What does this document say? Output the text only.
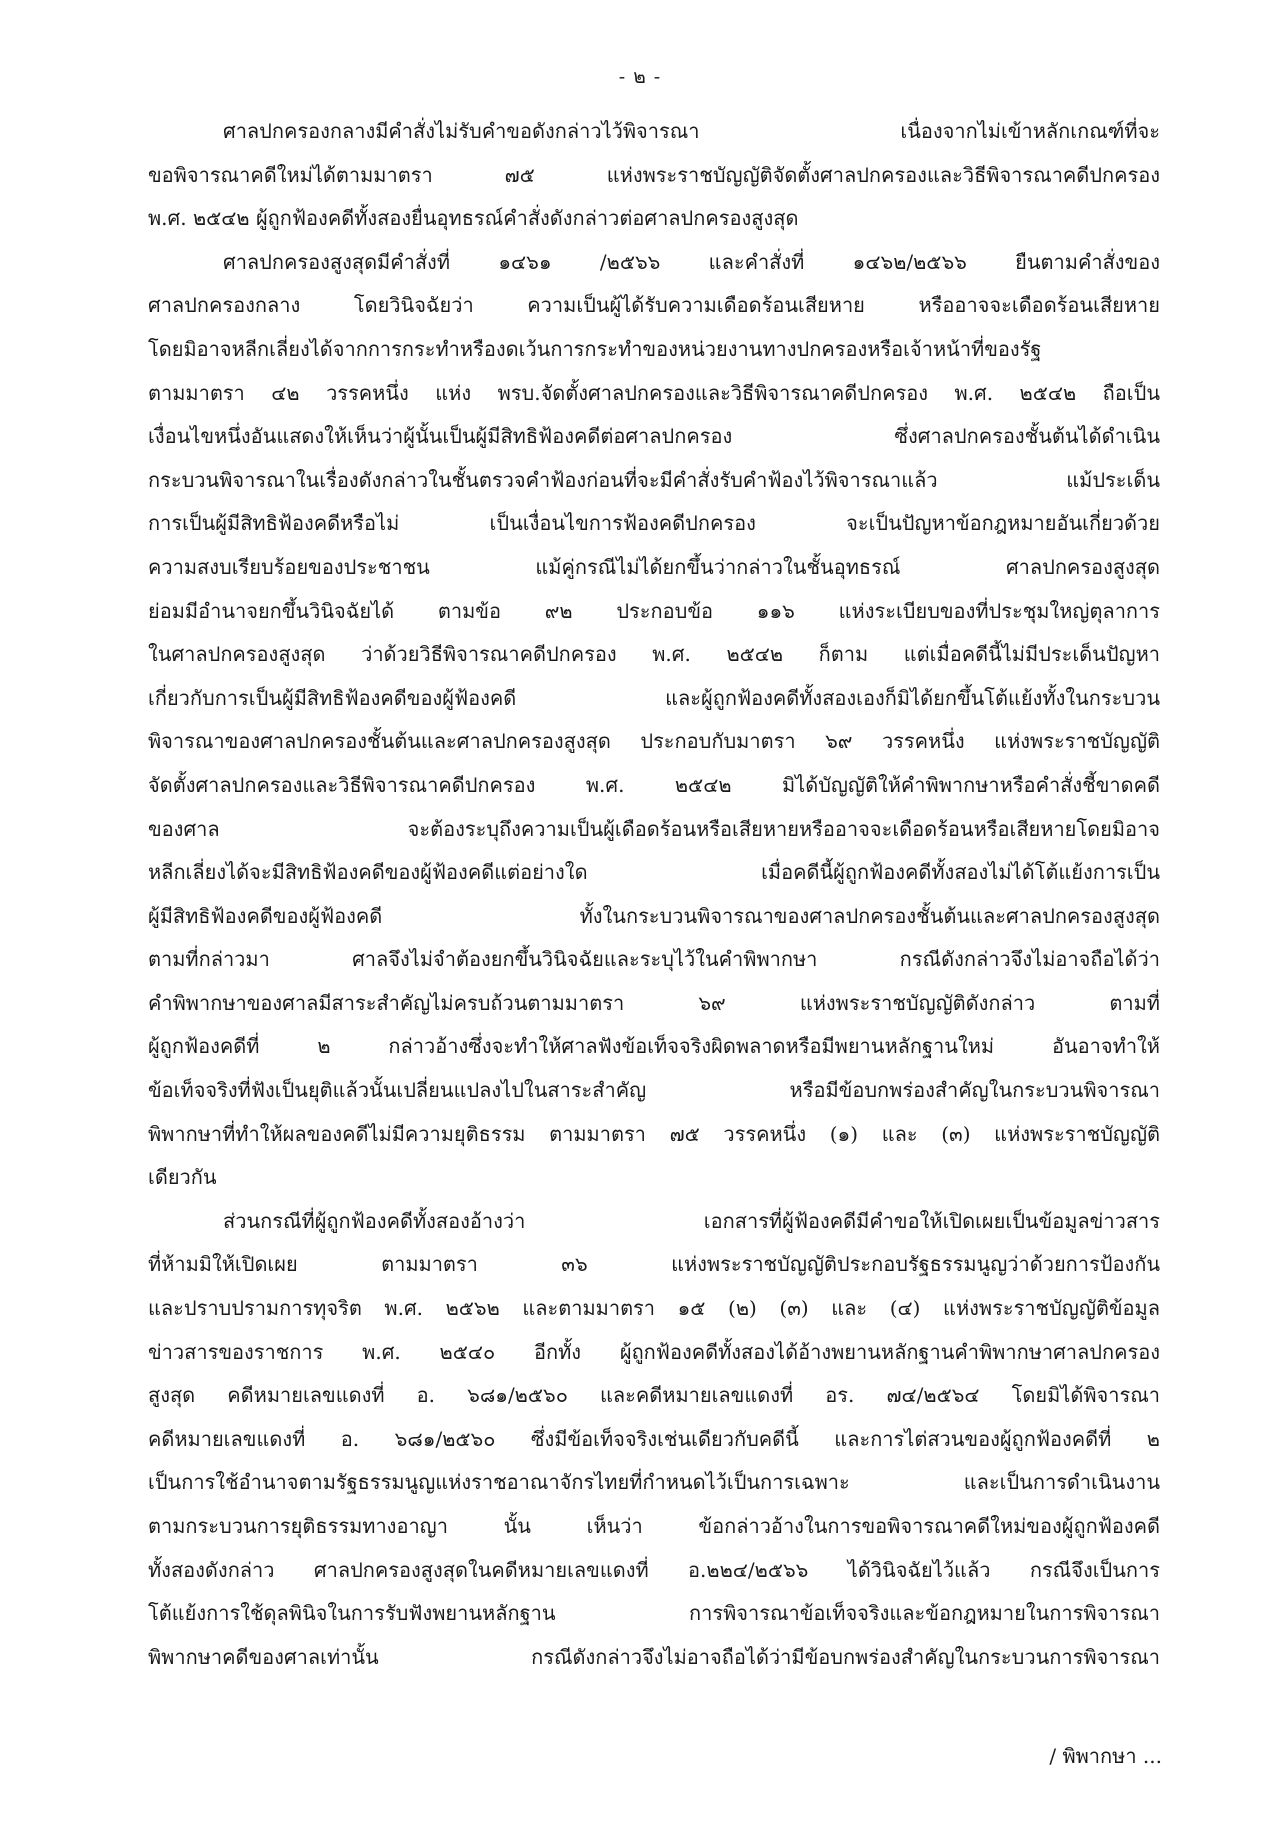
- ๒ -
ศาลปกครองกลางมีคำสั่งไม่รับคำขอดังกล่าวไว้พิจารณา เนื่องจากไม่เข้าหลักเกณฑ์ที่จะ
ขอพิจารณาคดีใหม่ได้ตามมาตรา ๗๕ แห่งพระราชบัญญัติจัดตั้งศาลปกครองและวิธีพิจารณาคดีปกครอง
พ.ศ. ๒๕๔๒ ผู้ถูกฟ้องคดีทั้งสองยื่นอุทธรณ์คำสั่งดังกล่าวต่อศาลปกครองสูงสุด
ศาลปกครองสูงสุดมีคำสั่งที่ ๑๔๖๑ /๒๕๖๖ และคำสั่งที่ ๑๔๖๒/๒๕๖๖ ยืนตามคำสั่งของ
ศาลปกครองกลาง โดยวินิจฉัยว่า ความเป็นผู้ได้รับความเดือดร้อนเสียหาย หรืออาจจะเดือดร้อนเสียหาย
โดยมิอาจหลีกเลี่ยงได้จากการกระทำหรืองดเว้นการกระทำของหน่วยงานทางปกครองหรือเจ้าหน้าที่ของรัฐ
ตามมาตรา ๔๒ วรรคหนึ่ง แห่ง พรบ.จัดตั้งศาลปกครองและวิธีพิจารณาคดีปกครอง พ.ศ. ๒๕๔๒ ถือเป็น
เงื่อนไขหนึ่งอันแสดงให้เห็นว่าผู้นั้นเป็นผู้มีสิทธิฟ้องคดีต่อศาลปกครอง ซึ่งศาลปกครองชั้นต้นได้ดำเนิน
กระบวนพิจารณาในเรื่องดังกล่าวในชั้นตรวจคำฟ้องก่อนที่จะมีคำสั่งรับคำฟ้องไว้พิจารณาแล้ว แม้ประเด็น
การเป็นผู้มีสิทธิฟ้องคดีหรือไม่ เป็นเงื่อนไขการฟ้องคดีปกครอง จะเป็นปัญหาข้อกฎหมายอันเกี่ยวด้วย
ความสงบเรียบร้อยของประชาชน แม้คู่กรณีไม่ได้ยกขึ้นว่ากล่าวในชั้นอุทธรณ์ ศาลปกครองสูงสุด
ย่อมมีอำนาจยกขึ้นวินิจฉัยได้ ตามข้อ ๙๒ ประกอบข้อ ๑๑๖ แห่งระเบียบของที่ประชุมใหญ่ตุลาการ
ในศาลปกครองสูงสุด ว่าด้วยวิธีพิจารณาคดีปกครอง พ.ศ. ๒๕๔๒ ก็ตาม แต่เมื่อคดีนี้ไม่มีประเด็นปัญหา
เกี่ยวกับการเป็นผู้มีสิทธิฟ้องคดีของผู้ฟ้องคดี และผู้ถูกฟ้องคดีทั้งสองเองก็มิได้ยกขึ้นโต้แย้งทั้งในกระบวน
พิจารณาของศาลปกครองชั้นต้นและศาลปกครองสูงสุด ประกอบกับมาตรา ๖๙ วรรคหนึ่ง แห่งพระราชบัญญัติ
จัดตั้งศาลปกครองและวิธีพิจารณาคดีปกครอง พ.ศ. ๒๕๔๒ มิได้บัญญัติให้คำพิพากษาหรือคำสั่งชี้ขาดคดี
ของศาล จะต้องระบุถึงความเป็นผู้เดือดร้อนหรือเสียหายหรืออาจจะเดือดร้อนหรือเสียหายโดยมิอาจ
หลีกเลี่ยงได้จะมีสิทธิฟ้องคดีของผู้ฟ้องคดีแต่อย่างใด เมื่อคดีนี้ผู้ถูกฟ้องคดีทั้งสองไม่ได้โต้แย้งการเป็น
ผู้มีสิทธิฟ้องคดีของผู้ฟ้องคดี ทั้งในกระบวนพิจารณาของศาลปกครองชั้นต้นและศาลปกครองสูงสุด
ตามที่กล่าวมา ศาลจึงไม่จำต้องยกขึ้นวินิจฉัยและระบุไว้ในคำพิพากษา กรณีดังกล่าวจึงไม่อาจถือได้ว่า
คำพิพากษาของศาลมีสาระสำคัญไม่ครบถ้วนตามมาตรา ๖๙ แห่งพระราชบัญญัติดังกล่าว ตามที่
ผู้ถูกฟ้องคดีที่ ๒ กล่าวอ้างซึ่งจะทำให้ศาลฟังข้อเท็จจริงผิดพลาดหรือมีพยานหลักฐานใหม่ อันอาจทำให้
ข้อเท็จจริงที่ฟังเป็นยุติแล้วนั้นเปลี่ยนแปลงไปในสาระสำคัญ หรือมีข้อบกพร่องสำคัญในกระบวนพิจารณา
พิพากษาที่ทำให้ผลของคดีไม่มีความยุติธรรม ตามมาตรา ๗๕ วรรคหนึ่ง (๑) และ (๓) แห่งพระราชบัญญัติ
เดียวกัน
ส่วนกรณีที่ผู้ถูกฟ้องคดีทั้งสองอ้างว่า เอกสารที่ผู้ฟ้องคดีมีคำขอให้เปิดเผยเป็นข้อมูลข่าวสาร
ที่ห้ามมิให้เปิดเผย ตามมาตรา ๓๖ แห่งพระราชบัญญัติประกอบรัฐธรรมนูญว่าด้วยการป้องกัน
และปราบปรามการทุจริต พ.ศ. ๒๕๖๒ และตามมาตรา ๑๕ (๒) (๓) และ (๔) แห่งพระราชบัญญัติข้อมูล
ข่าวสารของราชการ พ.ศ. ๒๕๔๐ อีกทั้ง ผู้ถูกฟ้องคดีทั้งสองได้อ้างพยานหลักฐานคำพิพากษาศาลปกครอง
สูงสุด คดีหมายเลขแดงที่ อ. ๖๘๑/๒๕๖๐ และคดีหมายเลขแดงที่ อร. ๗๔/๒๕๖๔ โดยมิได้พิจารณา
คดีหมายเลขแดงที่ อ. ๖๘๑/๒๕๖๐ ซึ่งมีข้อเท็จจริงเช่นเดียวกับคดีนี้ และการไต่สวนของผู้ถูกฟ้องคดีที่ ๒
เป็นการใช้อำนาจตามรัฐธรรมนูญแห่งราชอาณาจักรไทยที่กำหนดไว้เป็นการเฉพาะ และเป็นการดำเนินงาน
ตามกระบวนการยุติธรรมทางอาญา นั้น เห็นว่า ข้อกล่าวอ้างในการขอพิจารณาคดีใหม่ของผู้ถูกฟ้องคดี
ทั้งสองดังกล่าว ศาลปกครองสูงสุดในคดีหมายเลขแดงที่ อ.๒๒๔/๒๕๖๖ ได้วินิจฉัยไว้แล้ว กรณีจึงเป็นการ
โต้แย้งการใช้ดุลพินิจในการรับฟังพยานหลักฐาน การพิจารณาข้อเท็จจริงและข้อกฎหมายในการพิจารณา
พิพากษาคดีของศาลเท่านั้น กรณีดังกล่าวจึงไม่อาจถือได้ว่ามีข้อบกพร่องสำคัญในกระบวนการพิจารณา
/ พิพากษา ...
